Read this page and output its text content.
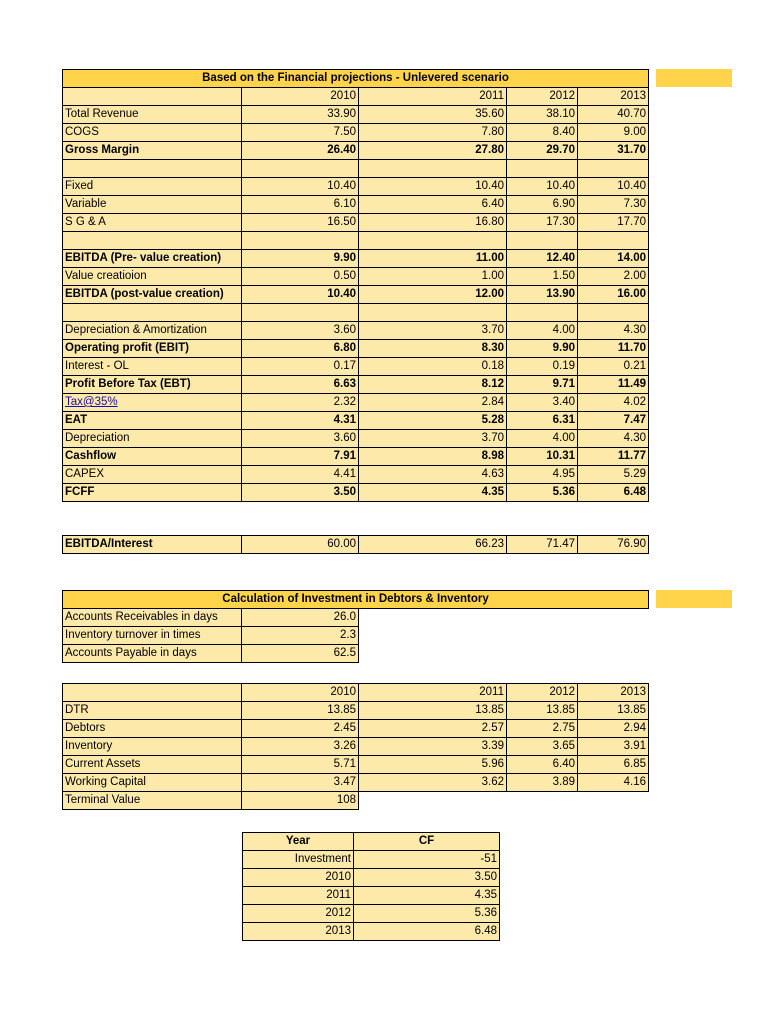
Based on the Financial projections - Unlevered scenario				
	2010	2011	2012	2013
Total Revenue	33.90	35.60	38.10	40.70
COGS	7.50	7.80	8.40	9.00
Gross Margin	26.40	27.80	29.70	31.70

Fixed	10.40	10.40	10.40	10.40
Variable	6.10	6.40	6.90	7.30
S G & A	16.50	16.80	17.30	17.70

EBITDA (Pre- value creation)	9.90	11.00	12.40	14.00
Value creatioion	0.50	1.00	1.50	2.00
EBITDA (post-value creation)	10.40	12.00	13.90	16.00

Depreciation & Amortization	3.60	3.70	4.00	4.30
Operating profit (EBIT)	6.80	8.30	9.90	11.70
Interest - OL	0.17	0.18	0.19	0.21
Profit Before Tax (EBT)	6.63	8.12	9.71	11.49
Tax@35%	2.32	2.84	3.40	4.02
EAT	4.31	5.28	6.31	7.47
Depreciation	3.60	3.70	4.00	4.30
Cashflow	7.91	8.98	10.31	11.77
CAPEX	4.41	4.63	4.95	5.29
FCFF	3.50	4.35	5.36	6.48
EBITDA/Interest	60.00	66.23	71.47	76.90
Calculation of Investment in Debtors & Inventory
Accounts Receivables in days	26.0
Inventory turnover in times	2.3
Accounts Payable in days	62.5
	2010	2011	2012	2013
DTR	13.85	13.85	13.85	13.85
Debtors	2.45	2.57	2.75	2.94
Inventory	3.26	3.39	3.65	3.91
Current Assets	5.71	5.96	6.40	6.85
Working Capital	3.47	3.62	3.89	4.16
Terminal Value	108			
Year	CF
Investment	-51
2010	3.50
2011	4.35
2012	5.36
2013	6.48
